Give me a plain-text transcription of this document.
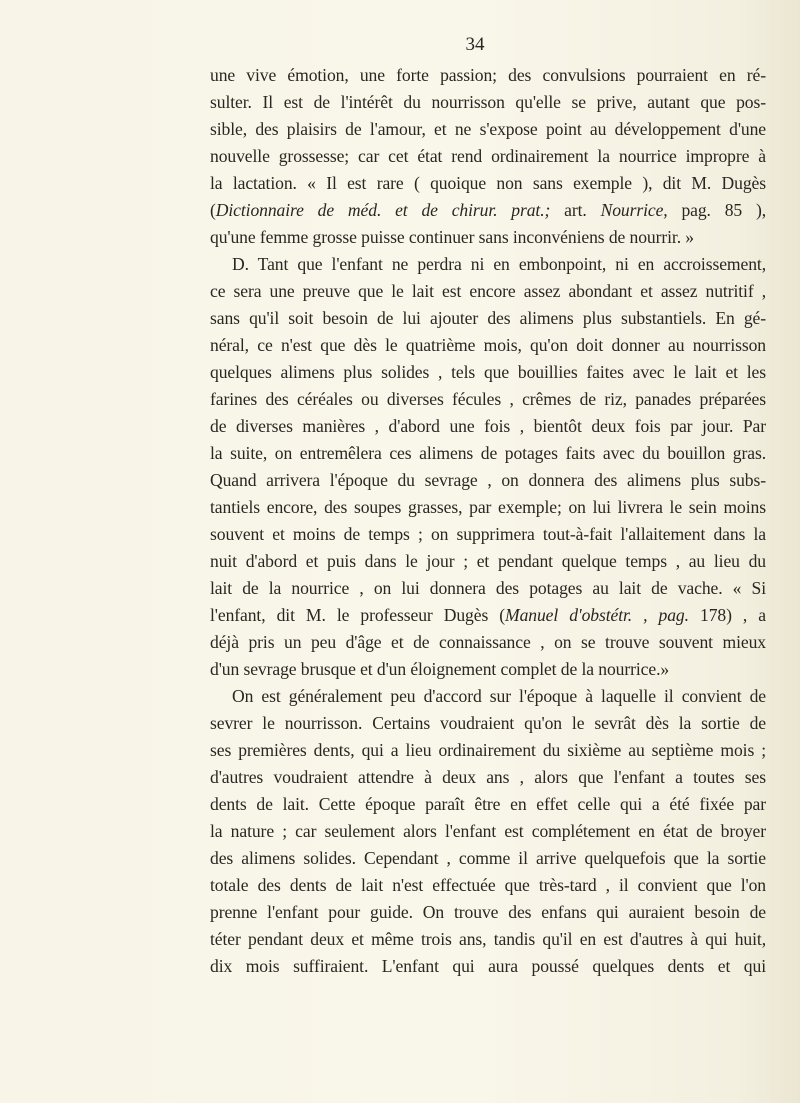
34
une vive émotion, une forte passion; des convulsions pourraient en ré-
sulter. Il est de l'intérêt du nourrisson qu'elle se prive, autant que pos-
sible, des plaisirs de l'amour, et ne s'expose point au développement d'une
nouvelle grossesse; car cet état rend ordinairement la nourrice impropre à
la lactation. « Il est rare ( quoique non sans exemple ), dit M. Dugès
(Dictionnaire de méd. et de chirur. prat.; art. Nourrice, pag. 85 ),
qu'une femme grosse puisse continuer sans inconvéniens de nourrir. »
D. Tant que l'enfant ne perdra ni en embonpoint, ni en accroissement,
ce sera une preuve que le lait est encore assez abondant et assez nutritif ,
sans qu'il soit besoin de lui ajouter des alimens plus substantiels. En gé-
néral, ce n'est que dès le quatrième mois, qu'on doit donner au nourrisson
quelques alimens plus solides , tels que bouillies faites avec le lait et les
farines des céréales ou diverses fécules , crêmes de riz, panades préparées
de diverses manières , d'abord une fois , bientôt deux fois par jour. Par
la suite, on entremêlera ces alimens de potages faits avec du bouillon gras.
Quand arrivera l'époque du sevrage , on donnera des alimens plus subs-
tantiels encore, des soupes grasses, par exemple; on lui livrera le sein moins
souvent et moins de temps ; on supprimera tout-à-fait l'allaitement dans la
nuit d'abord et puis dans le jour ; et pendant quelque temps , au lieu du
lait de la nourrice , on lui donnera des potages au lait de vache. « Si
l'enfant, dit M. le professeur Dugès (Manuel d'obstétr. , pag. 178) , a
déjà pris un peu d'âge et de connaissance , on se trouve souvent mieux
d'un sevrage brusque et d'un éloignement complet de la nourrice.»
On est généralement peu d'accord sur l'époque à laquelle il convient de
sevrer le nourrisson. Certains voudraient qu'on le sevrât dès la sortie de
ses premières dents, qui a lieu ordinairement du sixième au septième mois ;
d'autres voudraient attendre à deux ans , alors que l'enfant a toutes ses
dents de lait. Cette époque paraît être en effet celle qui a été fixée par
la nature ; car seulement alors l'enfant est complétement en état de broyer
des alimens solides. Cependant , comme il arrive quelquefois que la sortie
totale des dents de lait n'est effectuée que très-tard , il convient que l'on
prenne l'enfant pour guide. On trouve des enfans qui auraient besoin de
téter pendant deux et même trois ans, tandis qu'il en est d'autres à qui huit,
dix mois suffiraient. L'enfant qui aura poussé quelques dents et qui
